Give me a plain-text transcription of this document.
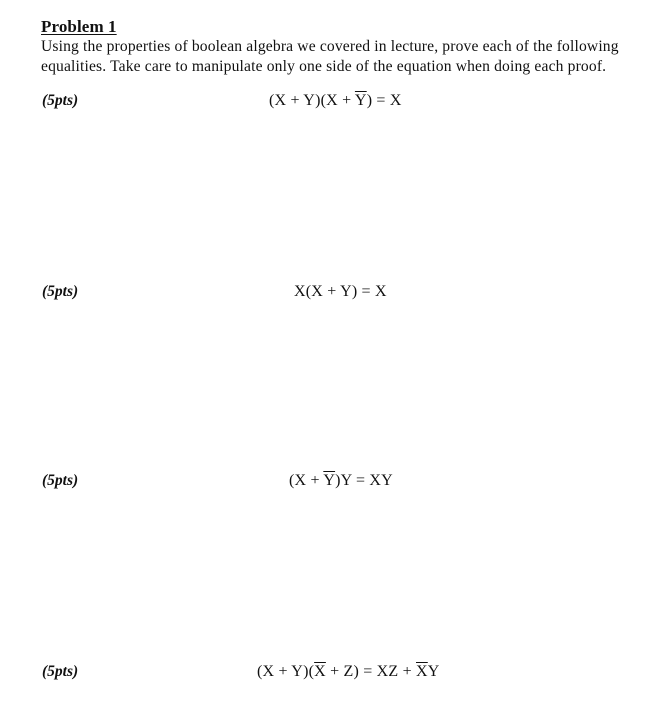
Problem 1
Using the properties of boolean algebra we covered in lecture, prove each of the following
equalities. Take care to manipulate only one side of the equation when doing each proof.
(5pts)	$(X + Y)(X + \overline{Y}) = X$
(5pts)	X(X + Y) = X
(5pts)	$(X + \overline{Y})Y$ = XY
(5pts)	$(X + Y)(\overline{X} + Z)$ = XZ + $\overline{X}Y$
